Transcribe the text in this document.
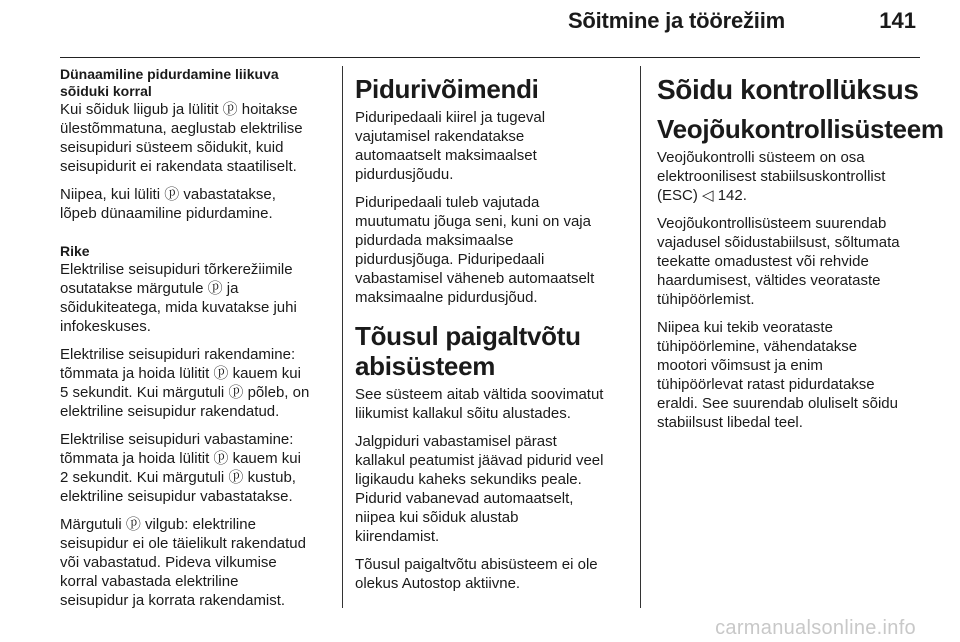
Sõitmine ja töörežiim	141
Dünaamiline pidurdamine liikuva
sõiduki korral

Kui sõiduk liigub ja lülitit ⓟ hoitakse
ülestõmmatuna, aeglustab elektrilise
seisupiduri süsteem sõidukit, kuid
seisupidurit ei rakendata staatiliselt.

Niipea, kui lüliti ⓟ vabastatakse,
lõpeb dünaamiline pidurdamine.

Rike

Elektrilise seisupiduri tõrkerežiimile
osutatakse märgutule ⓟ ja
sõidukiteatega, mida kuvatakse juhi
infokeskuses.

Elektrilise seisupiduri rakendamine:
tõmmata ja hoida lülitit ⓟ kauem kui
5 sekundit. Kui märgutuli ⓟ põleb, on
elektriline seisupidur rakendatud.

Elektrilise seisupiduri vabastamine:
tõmmata ja hoida lülitit ⓟ kauem kui
2 sekundit. Kui märgutuli ⓟ kustub,
elektriline seisupidur vabastatakse.

Märgutuli ⓟ vilgub: elektriline
seisupidur ei ole täielikult rakendatud
või vabastatud. Pideva vilkumise
korral vabastada elektriline
seisupidur ja korrata rakendamist.

Pidurivõimendi

Piduripedaali kiirel ja tugeval
vajutamisel rakendatakse
automaatselt maksimaalset
pidurdusjõudu.

Piduripedaali tuleb vajutada
muutumatu jõuga seni, kuni on vaja
pidurdada maksimaalse
pidurdusjõuga. Piduripedaali
vabastamisel väheneb automaatselt
maksimaalne pidurdusjõud.

Tõusul paigaltvõtu
abisüsteem

See süsteem aitab vältida soovimatut
liikumist kallakul sõitu alustades.

Jalgpiduri vabastamisel pärast
kallakul peatumist jäävad pidurid veel
ligikaudu kaheks sekundiks peale.
Pidurid vabanevad automaatselt,
niipea kui sõiduk alustab
kiirendamist.

Tõusul paigaltvõtu abisüsteem ei ole
olekus Autostop aktiivne.

Sõidu kontrollüksus
Veojõukontrollisüsteem

Veojõukontrolli süsteem on osa
elektroonilisest stabiilsuskontrollist
(ESC) ◁ 142.

Veojõukontrollisüsteem suurendab
vajadusel sõidustabiilsust, sõltumata
teekatte omadustest või rehvide
haardumisest, vältides veorataste
tühipöörlemist.

Niipea kui tekib veorataste
tühipöörlemine, vähendatakse
mootori võimsust ja enim
tühipöörlevat ratast pidurdatakse
eraldi. See suurendab oluliselt sõidu
stabiilsust libedal teel.

carmanualsonline.info
